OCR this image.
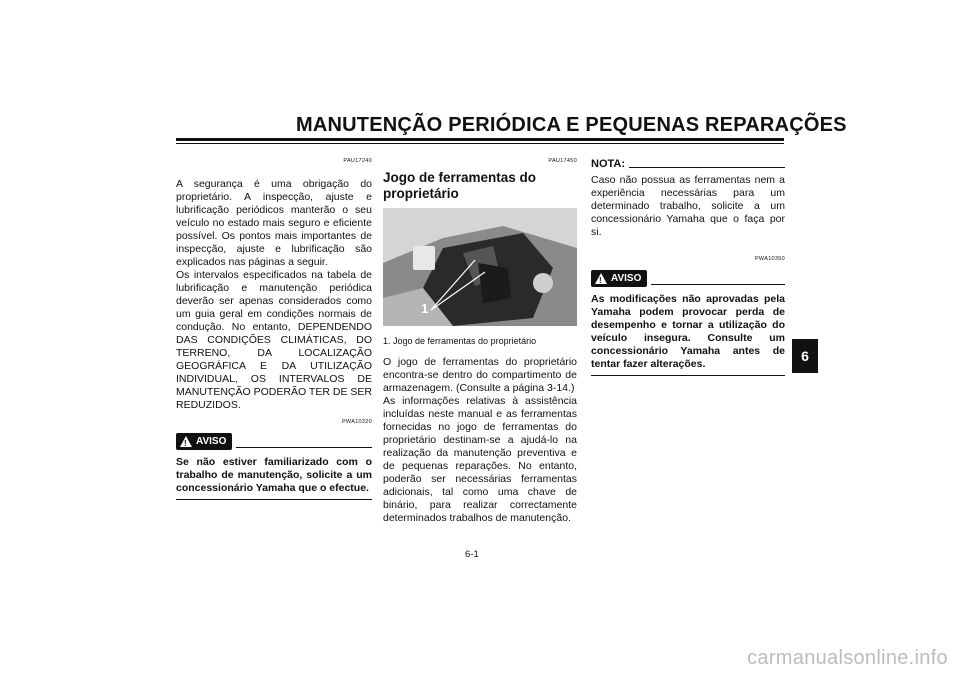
MANUTENÇÃO PERIÓDICA E PEQUENAS REPARAÇÕES
6
PAU17240

A segurança é uma obrigação do proprietário. A inspecção, ajuste e lubrificação periódicos manterão o seu veículo no estado mais seguro e eficiente possível. Os pontos mais importantes de inspecção, ajuste e lubrificação são explicados nas páginas a seguir.

Os intervalos especificados na tabela de lubrificação e manutenção periódica deverão ser apenas considerados como um guia geral em condições normais de condução. No entanto, DEPENDENDO DAS CONDIÇÕES CLIMÁTICAS, DO TERRENO, DA LOCALIZAÇÃO GEOGRÁFICA E DA UTILIZAÇÃO INDIVIDUAL, OS INTERVALOS DE MANUTENÇÃO PODERÃO TER DE SER REDUZIDOS.

PWA10320
!
AVISO

Se não estiver familiarizado com o trabalho de manutenção, solicite a um concessionário Yamaha que o efectue.

PAU17450
Jogo de ferramentas do proprietário
1
1. Jogo de ferramentas do proprietário

O jogo de ferramentas do proprietário encontra-se dentro do compartimento de armazenagem. (Consulte a página 3-14.)

As informações relativas à assistência incluídas neste manual e as ferramentas fornecidas no jogo de ferramentas do proprietário destinam-se a ajudá-lo na realização da manutenção preventiva e de pequenas reparações. No entanto, poderão ser necessárias ferramentas adicionais, tal como uma chave de binário, para realizar correctamente determinados trabalhos de manutenção.

NOTA:

Caso não possua as ferramentas nem a experiência necessárias para um determinado trabalho, solicite a um concessionário Yamaha que o faça por si.

PWA10350
!
AVISO

As modificações não aprovadas pela Yamaha podem provocar perda de desempenho e tornar a utilização do veículo insegura. Consulte um concessionário Yamaha antes de tentar fazer alterações.

6-1
carmanualsonline.info
